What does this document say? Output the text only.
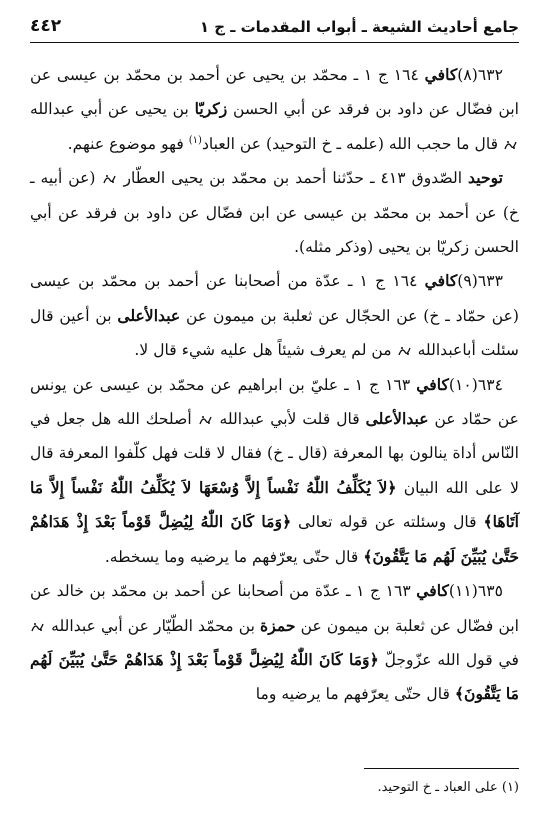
جامع أحاديث الشيعة ـ أبواب المقدمات ـ ج ١
٤٤٢

٦٣٢(٨)كافي ١٦٤ ج ١ ـ محمّد بن يحيى عن أحمد بن محمّد بن عيسى عن ابن فضّال عن داود بن فرقد عن أبي الحسن زكريّا بن يحيى عن أبي عبدالله
قال ما حجب الله (علمه ـ خ التوحيد) عن العباد$^{(١)}$ فهو موضوع عنهم.

توحيد الصّدوق ٤١٣ ـ حدّثنا أحمد بن محمّد بن يحيى العطّار
(عن أبيه ـ خ) عن أحمد بن محمّد بن عيسى عن ابن فضّال عن داود بن فرقد عن أبي الحسن زكريّا بن يحيى (وذكر مثله).

٦٣٣(٩)كافي ١٦٤ ج ١ ـ عدّة من أصحابنا عن أحمد بن محمّد بن عيسى (عن حمّاد ـ خ) عن الحجّال عن ثعلبة بن ميمون عن عبدالأعلى بن أعين قال سئلت أباعبدالله
من لم يعرف شيئاً هل عليه شيء قال لا.

٦٣٤(١٠)كافي ١٦٣ ج ١ ـ عليّ بن ابراهيم عن محمّد بن عيسى عن يونس عن حمّاد عن عبدالأعلى قال قلت لأبي عبدالله
أصلحك الله هل جعل في النّاس أداة ينالون بها المعرفة (قال ـ خ) فقال لا قلت فهل كلّفوا المعرفة قال لا على الله البيان ﴿لاَ يُكَلِّفُ اللّٰهُ نَفْساً إِلاَّ وُسْعَهَا لاَ يُكَلِّفُ اللّٰهُ نَفْساً إِلاَّ مَا آتَاهَا﴾ قال وسئلته عن قوله تعالى ﴿وَمَا كَانَ اللّٰهُ لِيُضِلَّ قَوْماً بَعْدَ إِذْ هَدَاهُمْ حَتَّىٰ يُبَيِّنَ لَهُم مَا يَتَّقُونَ﴾ قال حتّى يعرّفهم ما يرضيه وما يسخطه.

٦٣٥(١١)كافي ١٦٣ ج ١ ـ عدّة من أصحابنا عن أحمد بن محمّد بن خالد عن ابن فضّال عن ثعلبة بن ميمون عن حمزة بن محمّد الطّيّار عن أبي عبدالله
في قول الله عزّوجلّ ﴿وَمَا كَانَ اللّٰهُ لِيُضِلَّ قَوْماً بَعْدَ إِذْ هَدَاهُمْ حَتَّىٰ يُبَيِّنَ لَهُم مَا يَتَّقُونَ﴾ قال حتّى يعرّفهم ما يرضيه وما

(١) على العباد ـ خ التوحيد.
